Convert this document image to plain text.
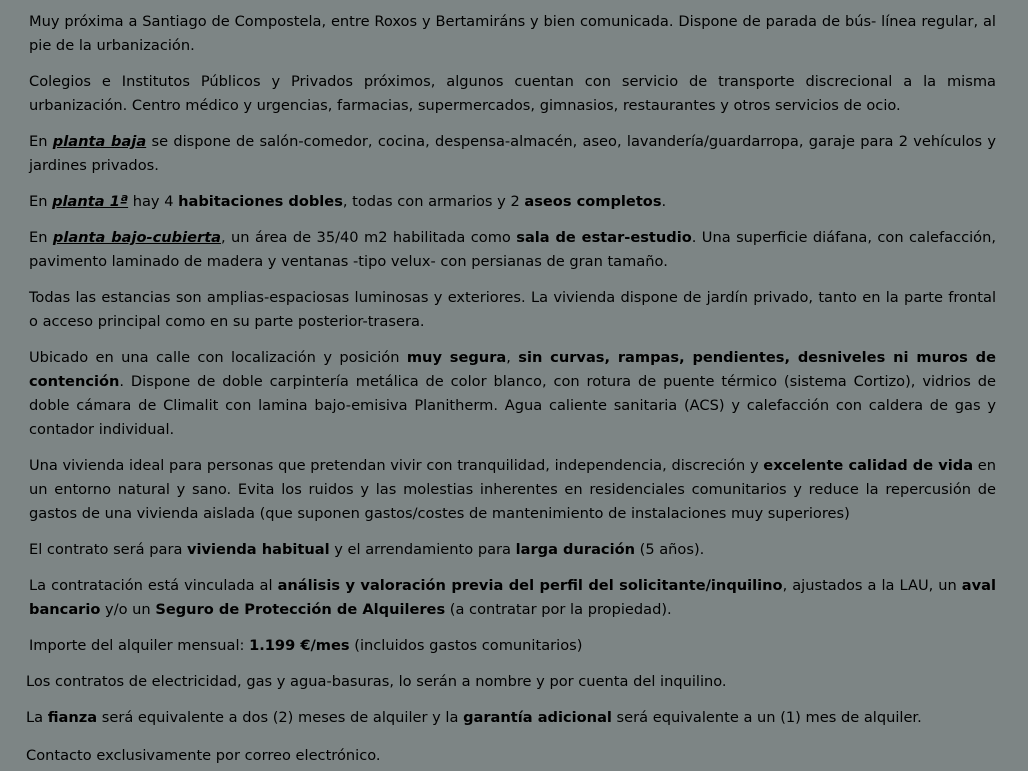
Muy próxima a Santiago de Compostela, entre Roxos y Bertamiráns y bien comunicada. Dispone de parada de bús- línea regular, al pie de la urbanización.

Colegios e Institutos Públicos y Privados próximos, algunos cuentan con servicio de transporte discrecional a la misma urbanización. Centro médico y urgencias, farmacias, supermercados, gimnasios, restaurantes y otros servicios de ocio.

En planta baja se dispone de salón-comedor, cocina, despensa-almacén, aseo, lavandería/guardarropa, garaje para 2 vehículos y jardines privados.

En planta 1ª hay 4 habitaciones dobles, todas con armarios y 2 aseos completos.

En planta bajo-cubierta, un área de 35/40 m2 habilitada como sala de estar-estudio. Una superficie diáfana, con calefacción, pavimento laminado de madera y ventanas -tipo velux- con persianas de gran tamaño.

Todas las estancias son amplias-espaciosas luminosas y exteriores. La vivienda dispone de jardín privado, tanto en la parte frontal o acceso principal como en su parte posterior-trasera.

Ubicado en una calle con localización y posición muy segura, sin curvas, rampas, pendientes, desniveles ni muros de contención. Dispone de doble carpintería metálica de color blanco, con rotura de puente térmico (sistema Cortizo), vidrios de doble cámara de Climalit con lamina bajo-emisiva Planitherm. Agua caliente sanitaria (ACS) y calefacción con caldera de gas y contador individual.

Una vivienda ideal para personas que pretendan vivir con tranquilidad, independencia, discreción y excelente calidad de vida en un entorno natural y sano. Evita los ruidos y las molestias inherentes en residenciales comunitarios y reduce la repercusión de gastos de una vivienda aislada (que suponen gastos/costes de mantenimiento de instalaciones muy superiores)

El contrato será para vivienda habitual y el arrendamiento para larga duración (5 años).

La contratación está vinculada al análisis y valoración previa del perfil del solicitante/inquilino, ajustados a la LAU, un aval bancario y/o un Seguro de Protección de Alquileres (a contratar por la propiedad).

Importe del alquiler mensual: 1.199 €/mes (incluidos gastos comunitarios)

Los contratos de electricidad, gas y agua-basuras, lo serán a nombre y por cuenta del inquilino.

La fianza será equivalente a dos (2) meses de alquiler y la garantía adicional será equivalente a un (1) mes de alquiler.

Contacto exclusivamente por correo electrónico.
